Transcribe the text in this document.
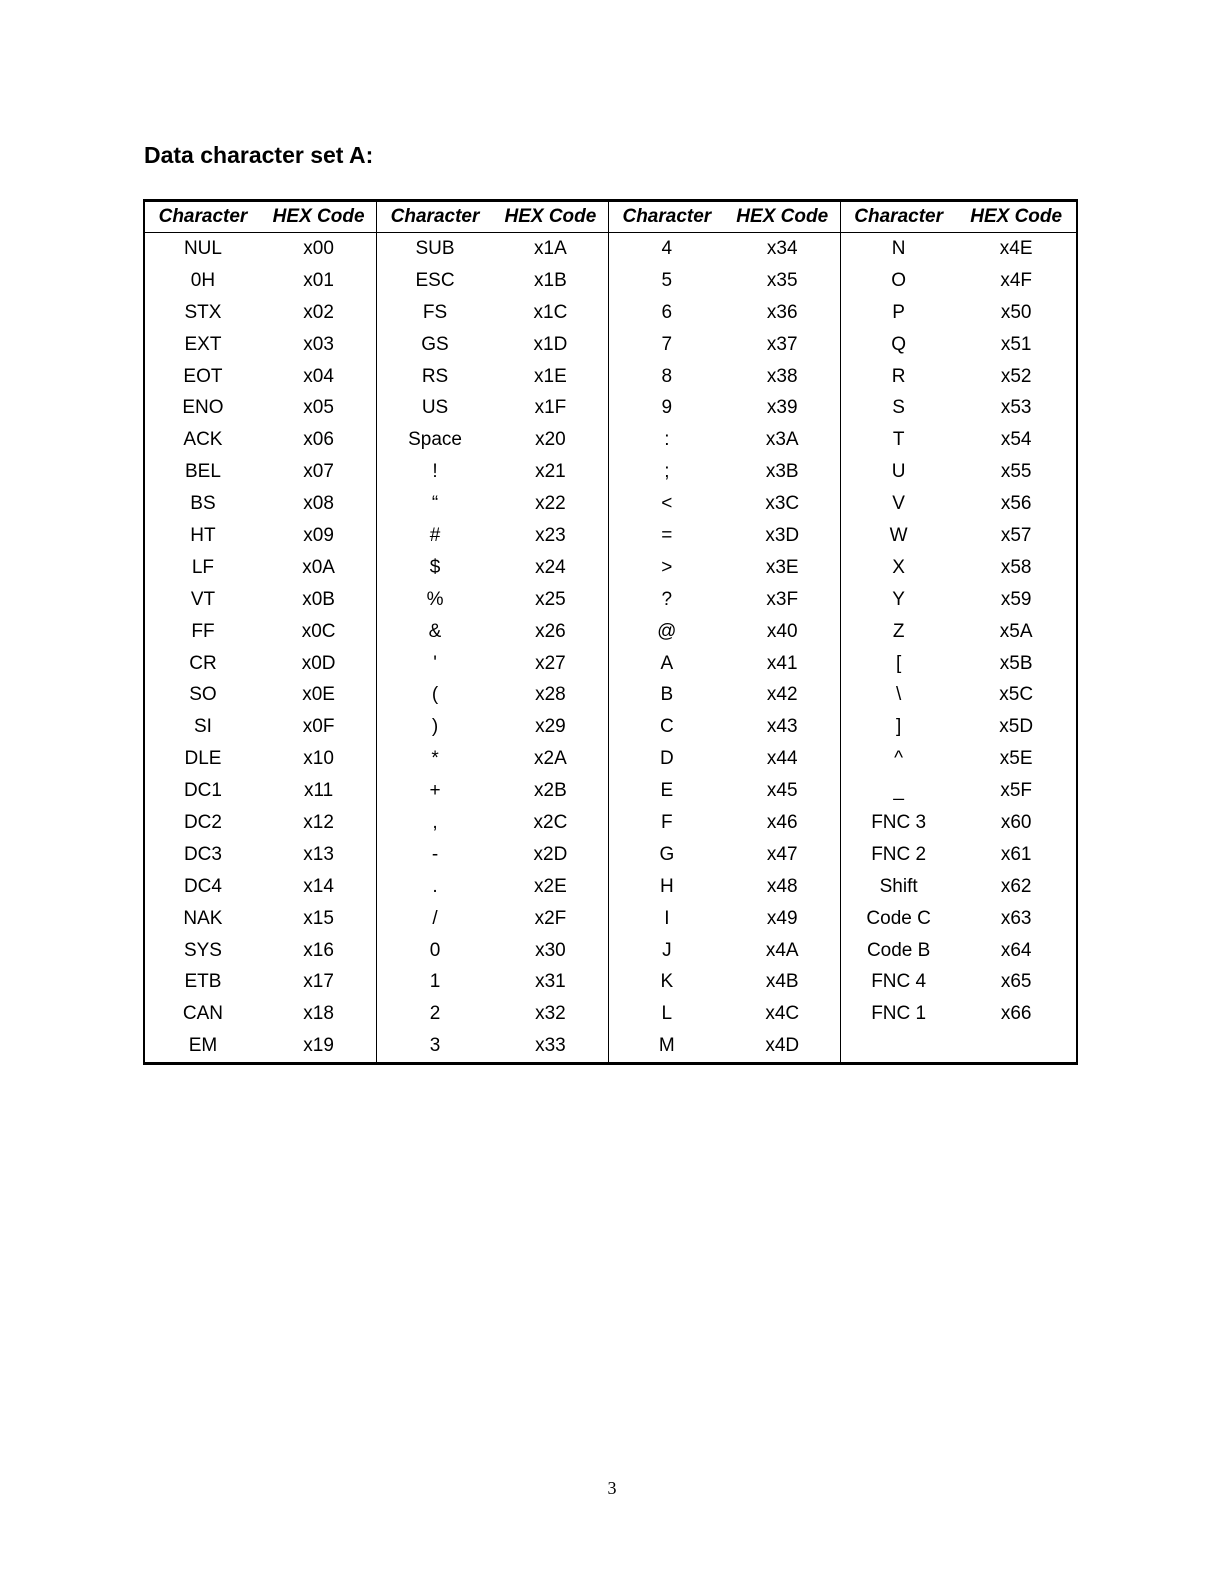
Data character set A:
Character	HEX Code	Character	HEX Code	Character	HEX Code	Character	HEX Code
NUL	x00	SUB	x1A	4	x34	N	x4E
0H	x01	ESC	x1B	5	x35	O	x4F
STX	x02	FS	x1C	6	x36	P	x50
EXT	x03	GS	x1D	7	x37	Q	x51
EOT	x04	RS	x1E	8	x38	R	x52
ENO	x05	US	x1F	9	x39	S	x53
ACK	x06	Space	x20	:	x3A	T	x54
BEL	x07	!	x21	;	x3B	U	x55
BS	x08	“	x22	<	x3C	V	x56
HT	x09	#	x23	=	x3D	W	x57
LF	x0A	$	x24	>	x3E	X	x58
VT	x0B	%	x25	?	x3F	Y	x59
FF	x0C	&	x26	@	x40	Z	x5A
CR	x0D	'	x27	A	x41	[	x5B
SO	x0E	(	x28	B	x42	\	x5C
SI	x0F	)	x29	C	x43	]	x5D
DLE	x10	*	x2A	D	x44	^	x5E
DC1	x11	+	x2B	E	x45	_	x5F
DC2	x12	,	x2C	F	x46	FNC 3	x60
DC3	x13	-	x2D	G	x47	FNC 2	x61
DC4	x14	.	x2E	H	x48	Shift	x62
NAK	x15	/	x2F	I	x49	Code C	x63
SYS	x16	0	x30	J	x4A	Code B	x64
ETB	x17	1	x31	K	x4B	FNC 4	x65
CAN	x18	2	x32	L	x4C	FNC 1	x66
EM	x19	3	x33	M	x4D		
3
